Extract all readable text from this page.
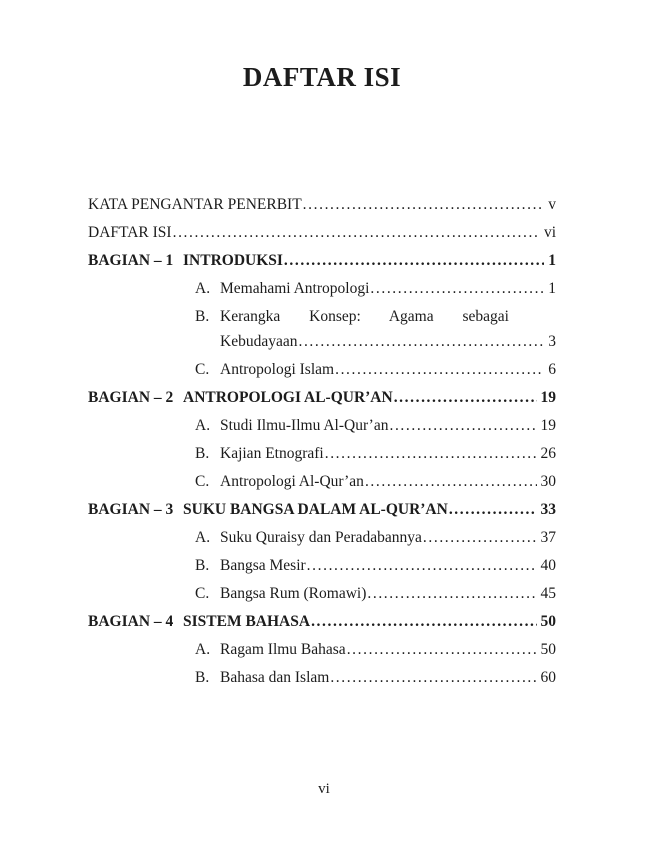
DAFTAR ISI
KATA PENGANTAR PENERBIT .....	v
DAFTAR ISI .....	vi
BAGIAN – 1 INTRODUKSI .....	1
A. Memahami Antropologi .....	1
B. Kerangka Konsep: Agama sebagai
Kebudayaan .....	3
C. Antropologi Islam .....	6
BAGIAN – 2 ANTROPOLOGI AL-QUR’AN .....	19
A. Studi Ilmu-Ilmu Al-Qur’an .....	19
B. Kajian Etnografi .....	26
C. Antropologi Al-Qur’an .....	30
BAGIAN – 3 SUKU BANGSA DALAM AL-QUR’AN .....	33
A. Suku Quraisy dan Peradabannya .....	37
B. Bangsa Mesir .....	40
C. Bangsa Rum (Romawi) .....	45
BAGIAN – 4 SISTEM BAHASA .....	50
A. Ragam Ilmu Bahasa .....	50
B. Bahasa dan Islam .....	60
vi
